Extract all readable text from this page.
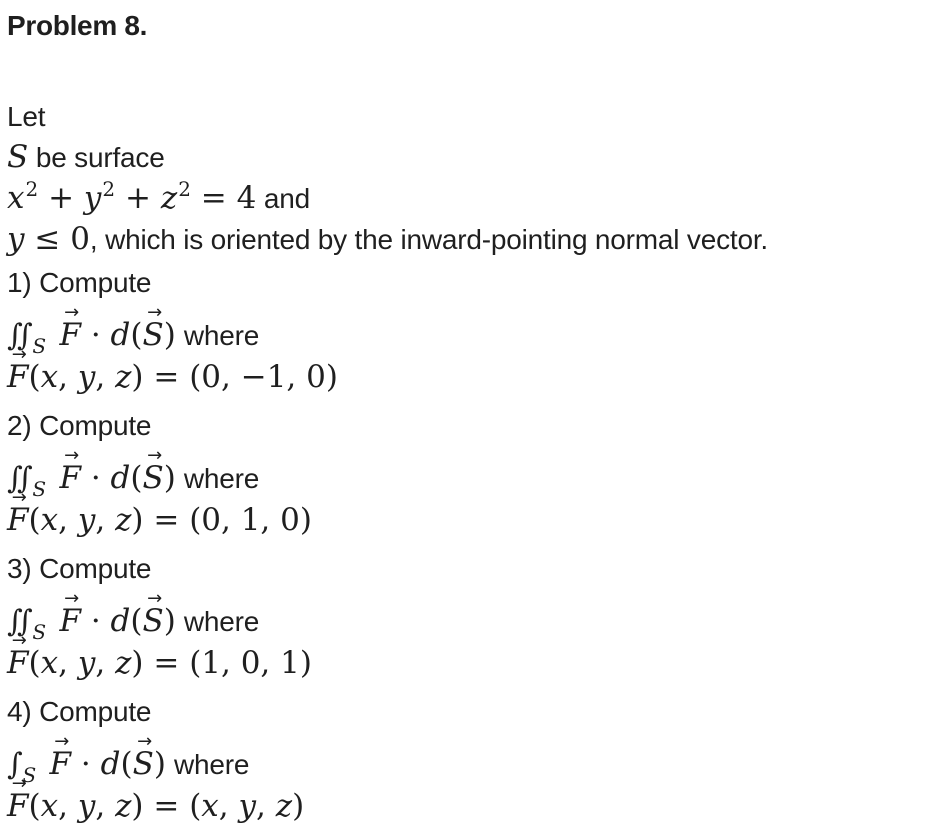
Problem 8.
Let
S be surface
$x^2 + y^2 + z^2 = 4$ and
y ≤ 0, which is oriented by the inward-pointing normal vector.
1) Compute
$∬_S \to F \cdot d(\to S)$ where
→ F(x, y, z) = (0, −1, 0)
2) Compute
$∬_S \to F \cdot d(\to S)$ where
→ F(x, y, z) = (0, 1, 0)
3) Compute
$∬_S \to F \cdot d(\to S)$ where
→ F(x, y, z) = (1, 0, 1)
4) Compute
$\int_S \to F \cdot d(\to S)$ where
→ F(x, y, z) = (x, y, z)
